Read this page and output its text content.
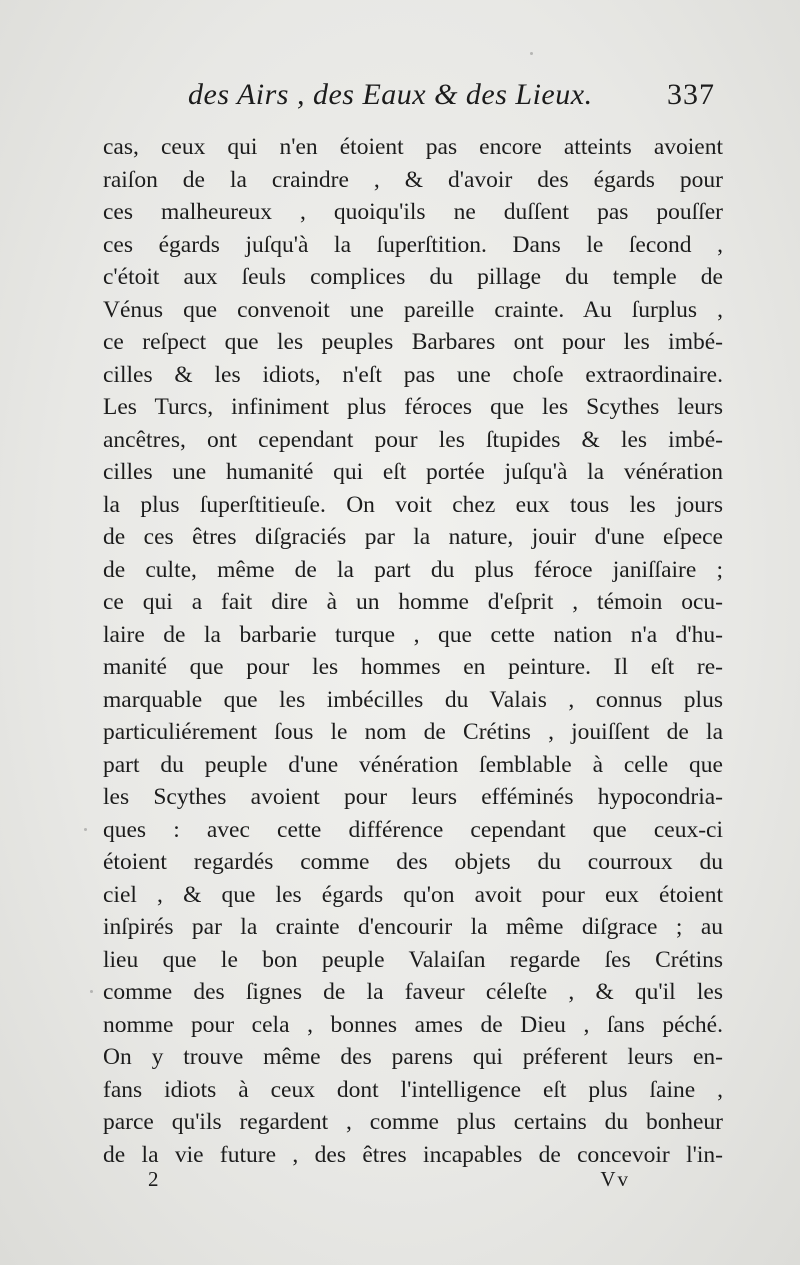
des Airs , des Eaux & des Lieux. 337
cas, ceux qui n'en étoient pas encore atteints avoient
raiſon de la craindre , & d'avoir des égards pour
ces malheureux , quoiqu'ils ne duſſent pas pouſſer
ces égards juſqu'à la ſuperſtition. Dans le ſecond ,
c'étoit aux ſeuls complices du pillage du temple de
Vénus que convenoit une pareille crainte. Au ſurplus ,
ce reſpect que les peuples Barbares ont pour les imbé-
cilles & les idiots, n'eſt pas une choſe extraordinaire.
Les Turcs, infiniment plus féroces que les Scythes leurs
ancêtres, ont cependant pour les ſtupides & les imbé-
cilles une humanité qui eſt portée juſqu'à la vénération
la plus ſuperſtitieuſe. On voit chez eux tous les jours
de ces êtres diſgraciés par la nature, jouir d'une eſpece
de culte, même de la part du plus féroce janiſſaire ;
ce qui a fait dire à un homme d'eſprit , témoin ocu-
laire de la barbarie turque , que cette nation n'a d'hu-
manité que pour les hommes en peinture. Il eſt re-
marquable que les imbécilles du Valais , connus plus
particuliérement ſous le nom de Crétins , jouiſſent de la
part du peuple d'une vénération ſemblable à celle que
les Scythes avoient pour leurs efféminés hypocondria-
ques : avec cette différence cependant que ceux-ci
étoient regardés comme des objets du courroux du
ciel , & que les égards qu'on avoit pour eux étoient
inſpirés par la crainte d'encourir la même diſgrace ; au
lieu que le bon peuple Valaiſan regarde ſes Crétins
comme des ſignes de la faveur céleſte , & qu'il les
nomme pour cela , bonnes ames de Dieu , ſans péché.
On y trouve même des parens qui préferent leurs en-
fans idiots à ceux dont l'intelligence eſt plus ſaine ,
parce qu'ils regardent , comme plus certains du bonheur
de la vie future , des êtres incapables de concevoir l'in-
2	Vv
